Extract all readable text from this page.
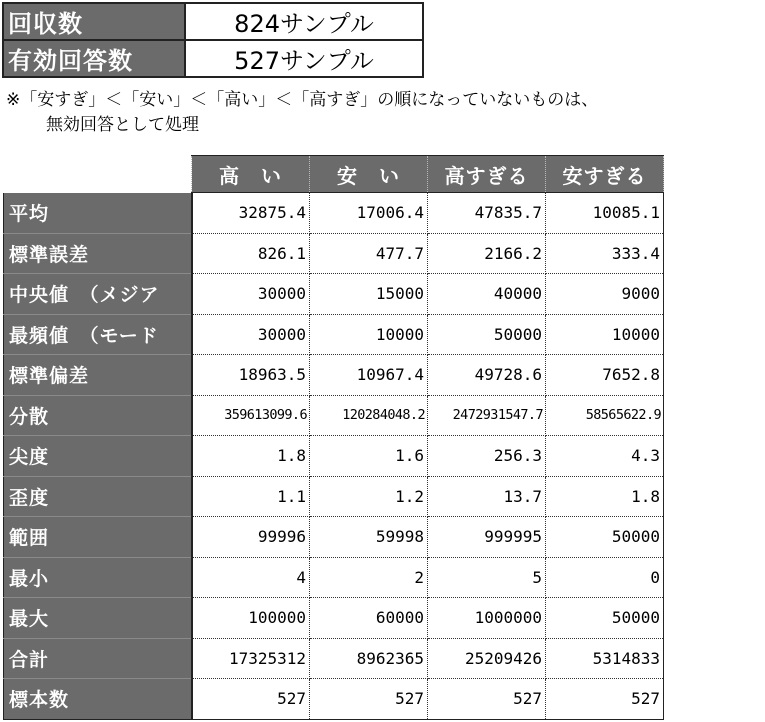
回収数	824サンプル
有効回答数	527サンプル
※「安すぎ」＜「安い」＜「高い」＜「高すぎ」の順になっていないものは、
無効回答として処理
	高　い	安　い	高すぎる	安すぎる
平均	32875.4	17006.4	47835.7	10085.1
標準誤差	826.1	477.7	2166.2	333.4
中央値　（メジア	30000	15000	40000	9000
最頻値　（モード	30000	10000	50000	10000
標準偏差	18963.5	10967.4	49728.6	7652.8
分散	359613099.6	120284048.2	2472931547.7	58565622.9
尖度	1.8	1.6	256.3	4.3
歪度	1.1	1.2	13.7	1.8
範囲	99996	59998	999995	50000
最小	4	2	5	0
最大	100000	60000	1000000	50000
合計	17325312	8962365	25209426	5314833
標本数	527	527	527	527
